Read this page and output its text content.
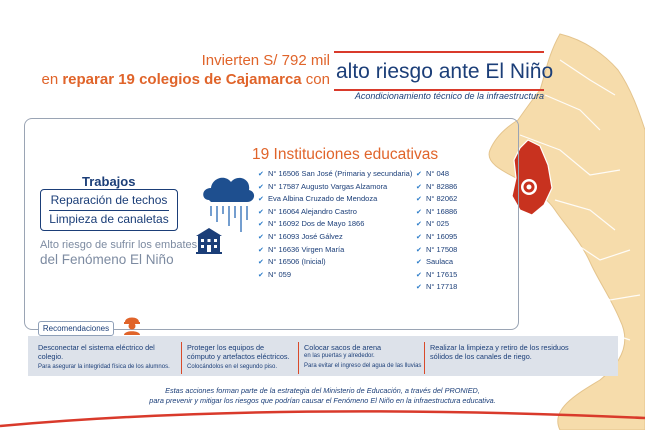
Invierten S/ 792 mil
en reparar 19 colegios de Cajamarca con alto riesgo ante El Niño
Acondicionamiento técnico de la infraestructura
Trabajos
Reparación de techos
Limpieza de canaletas
Alto riesgo de sufrir los embates
del Fenómeno El Niño
19 Instituciones educativas
✔ N° 16506 San José (Primaria y secundaria)
✔ N° 17587 Augusto Vargas Alzamora
✔ Eva Albina Cruzado de Mendoza
✔ N° 16064 Alejandro Castro
✔ N° 16092 Dos de Mayo 1866
✔ N° 16093 José Gálvez
✔ N° 16636 Virgen María
✔ N° 16506 (Inicial)
✔ N° 059
✔ N° 048
✔ N° 82886
✔ N° 82062
✔ N° 16886
✔ N° 025
✔ N° 16095
✔ N° 17508
✔ Saulaca
✔ N° 17615
✔ N° 17718
Recomendaciones
Desconectar el sistema eléctrico del colegio.
Para asegurar la integridad física de los alumnos.
Proteger los equipos de cómputo y artefactos eléctricos.
Colocándolos en el segundo piso.
Colocar sacos de arena
en las puertas y alrededor.
Para evitar el ingreso del agua de las lluvias
Realizar la limpieza y retiro de los residuos sólidos de los canales de riego.
Estas acciones forman parte de la estrategia del Ministerio de Educación, a través del PRONIED,
para prevenir y mitigar los riesgos que podrían causar el Fenómeno El Niño en la infraestructura educativa.
